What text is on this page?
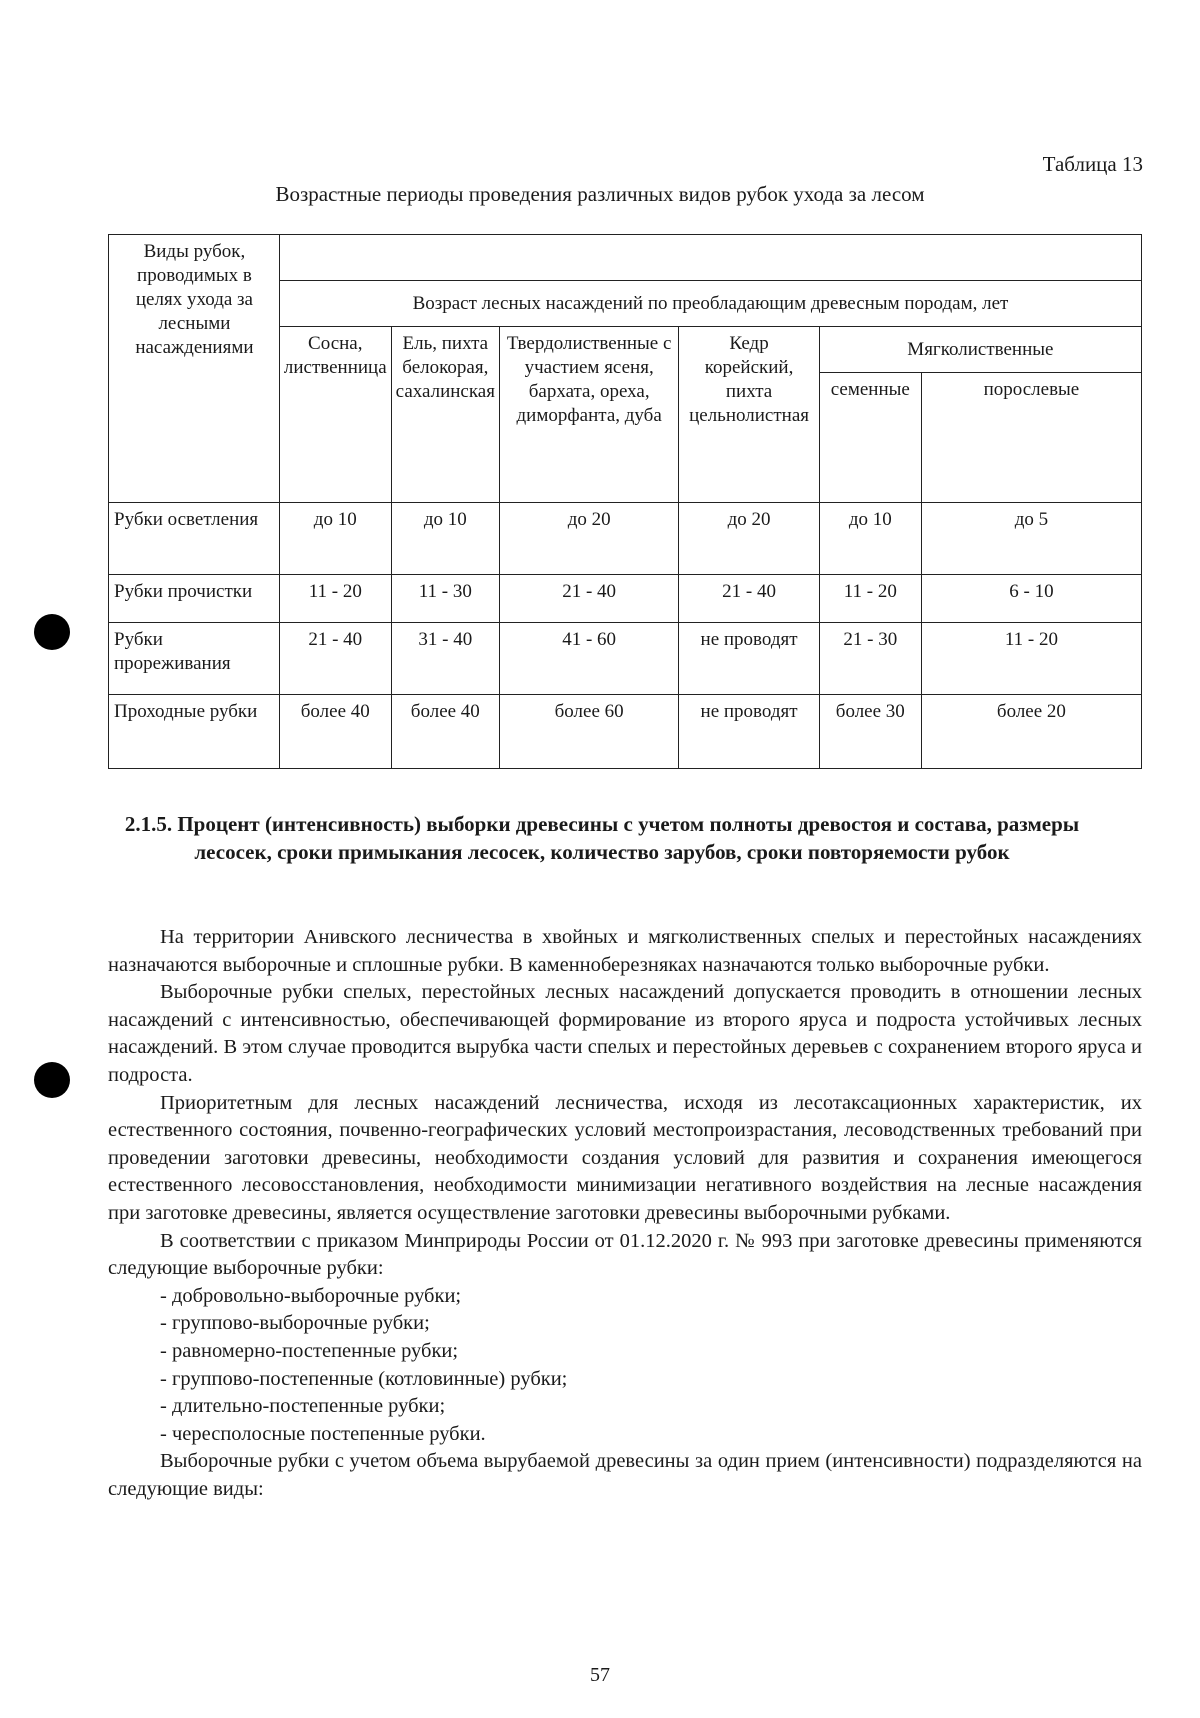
Таблица 13
Возрастные периоды проведения различных видов рубок ухода за лесом
Виды рубок, проводимых в целях ухода за лесными насаждениями						
	Возраст лесных насаждений по преобладающим древесным породам, лет					
	Сосна, лиственница	Ель, пихта белокорая, сахалинская	Твердолиственные с участием ясеня, бархата, ореха, диморфанта, дуба	Кедр корейский, пихта цельнолистная	Мягколиственные	
					семенные	порослевые
Рубки осветления	до 10	до 10	до 20	до 20	до 10	до 5
Рубки прочистки	11 - 20	11 - 30	21 - 40	21 - 40	11 - 20	6 - 10
Рубки прореживания	21 - 40	31 - 40	41 - 60	не проводят	21 - 30	11 - 20
Проходные рубки	более 40	более 40	более 60	не проводят	более 30	более 20
2.1.5. Процент (интенсивность) выборки древесины с учетом полноты древостоя и состава, размеры лесосек, сроки примыкания лесосек, количество зарубов, сроки повторяемости рубок

На территории Анивского лесничества в хвойных и мягколиственных спелых и перестойных насаждениях назначаются выборочные и сплошные рубки. В каменноберезняках назначаются только выборочные рубки.

Выборочные рубки спелых, перестойных лесных насаждений допускается проводить в отношении лесных насаждений с интенсивностью, обеспечивающей формирование из второго яруса и подроста устойчивых лесных насаждений. В этом случае проводится вырубка части спелых и перестойных деревьев с сохранением второго яруса и подроста.

Приоритетным для лесных насаждений лесничества, исходя из лесотаксационных характеристик, их естественного состояния, почвенно-географических условий местопроизрастания, лесоводственных требований при проведении заготовки древесины, необходимости создания условий для развития и сохранения имеющегося естественного лесовосстановления, необходимости минимизации негативного воздействия на лесные насаждения при заготовке древесины, является осуществление заготовки древесины выборочными рубками.

В соответствии с приказом Минприроды России от 01.12.2020 г. № 993 при заготовке древесины применяются следующие выборочные рубки:

- добровольно-выборочные рубки;

- группово-выборочные рубки;

- равномерно-постепенные рубки;

- группово-постепенные (котловинные) рубки;

- длительно-постепенные рубки;

- чересполосные постепенные рубки.

Выборочные рубки с учетом объема вырубаемой древесины за один прием (интенсивности) подразделяются на следующие виды:

57
